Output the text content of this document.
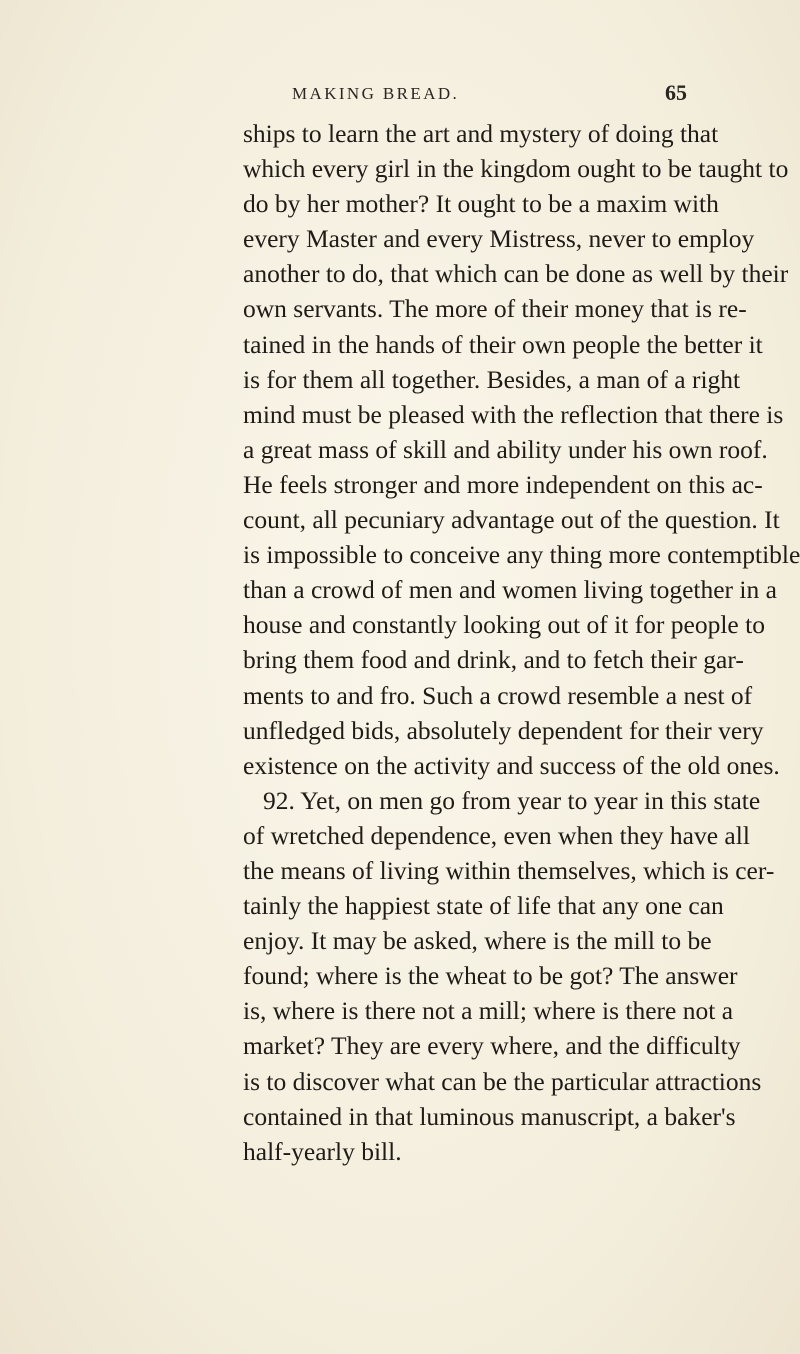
MAKING BREAD.	65
ships to learn the art and mystery of doing that
which every girl in the kingdom ought to be taught to
do by her mother? It ought to be a maxim with
every Master and every Mistress, never to employ
another to do, that which can be done as well by their
own servants. The more of their money that is re-
tained in the hands of their own people the better it
is for them all together. Besides, a man of a right
mind must be pleased with the reflection that there is
a great mass of skill and ability under his own roof.
He feels stronger and more independent on this ac-
count, all pecuniary advantage out of the question. It
is impossible to conceive any thing more contemptible
than a crowd of men and women living together in a
house and constantly looking out of it for people to
bring them food and drink, and to fetch their gar-
ments to and fro. Such a crowd resemble a nest of
unfledged bids, absolutely dependent for their very
existence on the activity and success of the old ones.
92. Yet, on men go from year to year in this state
of wretched dependence, even when they have all
the means of living within themselves, which is cer-
tainly the happiest state of life that any one can
enjoy. It may be asked, where is the mill to be
found; where is the wheat to be got? The answer
is, where is there not a mill; where is there not a
market? They are every where, and the difficulty
is to discover what can be the particular attractions
contained in that luminous manuscript, a baker's
half-yearly bill.
